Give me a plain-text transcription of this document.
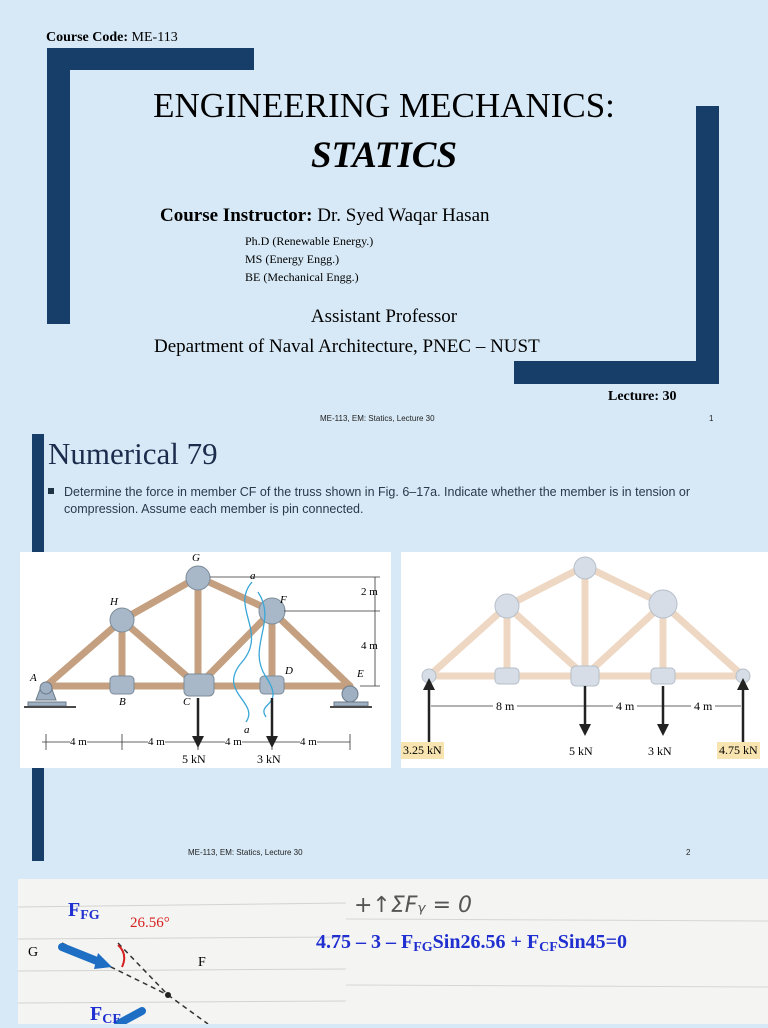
Course Code: ME-113
ENGINEERING MECHANICS:
STATICS
Course Instructor: Dr. Syed Waqar Hasan
Ph.D (Renewable Energy.)
MS (Energy Engg.)
BE (Mechanical Engg.)
Assistant Professor
Department of Naval Architecture, PNEC – NUST
Lecture: 30
ME-113, EM: Statics, Lecture 30	1
Numerical 79
Determine the force in member CF of the truss shown in Fig. 6–17a. Indicate whether the member is in tension or compression. Assume each member is pin connected.
G
H	F
a
A
B	C
D	E
a
2 m
4 m
4 m	4 m	4 m	4 m
5 kN	3 kN
8 m	4 m	4 m
3.25 kN	4.75 kN
5 kN	3 kN
ME-113, EM: Statics, Lecture 30	2
$F_{FG}$ 26.56°
G
F
$F_{CF}$
+↑ΣFᵧ = 0
$4.75 - 3 - F_{FG}Sin26.56 + F_{CF}Sin45=0$
